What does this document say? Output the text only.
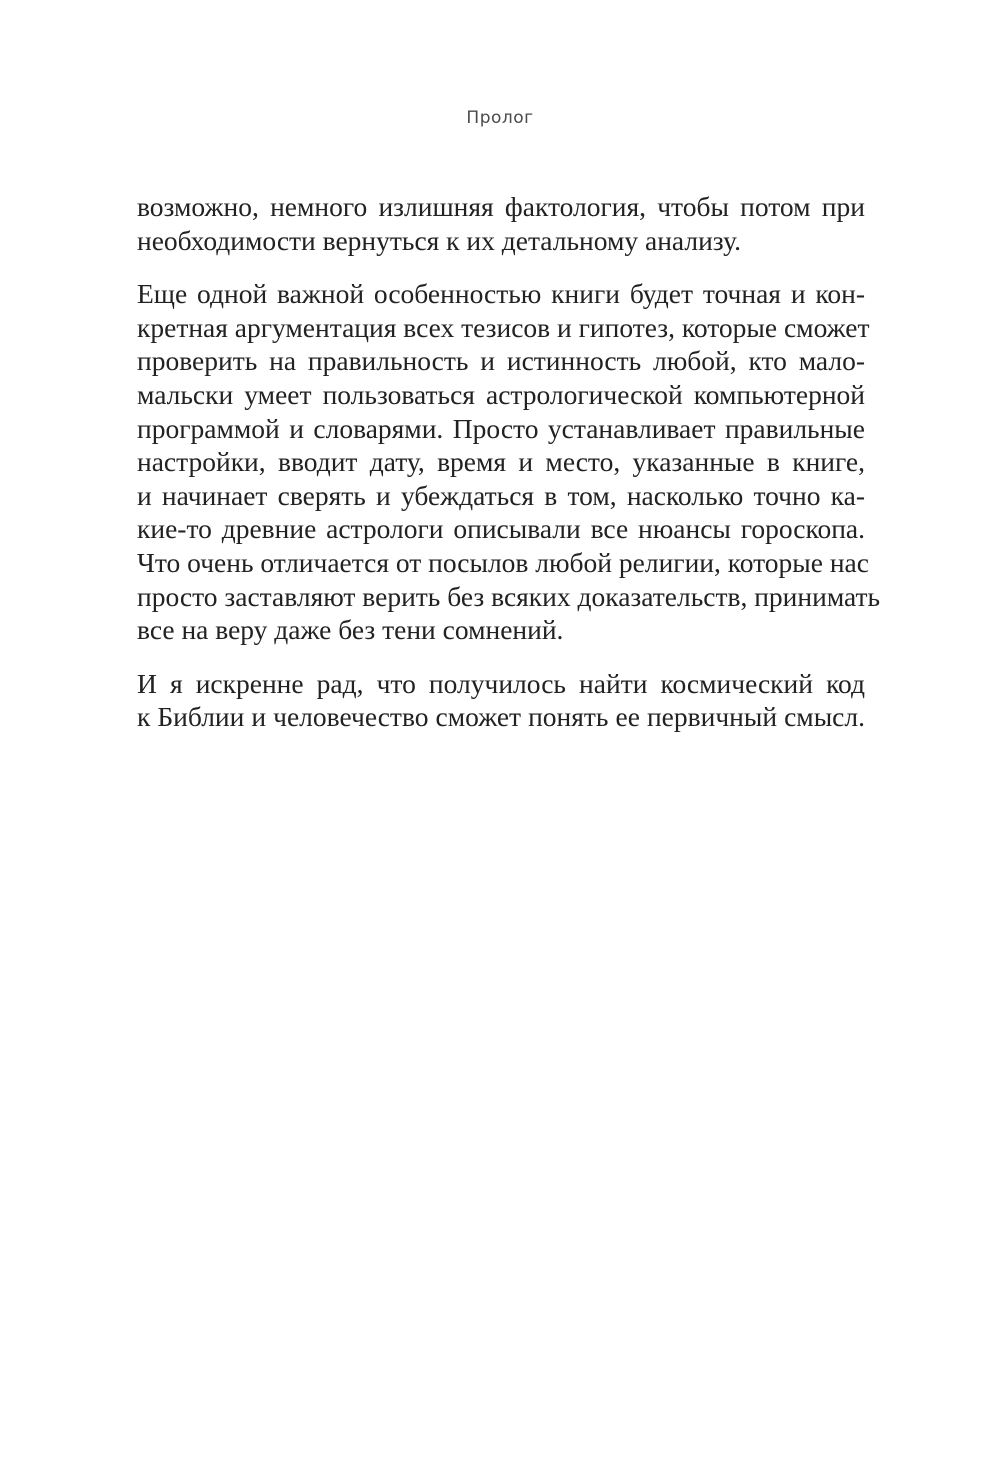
Пролог

возможно, немного излишняя фактология, чтобы потом при
необходимости вернуться к их детальному анализу.

Еще одной важной особенностью книги будет точная и кон-
кретная аргументация всех тезисов и гипотез, которые сможет
проверить на правильность и истинность любой, кто мало-
мальски умеет пользоваться астрологической компьютерной
программой и словарями. Просто устанавливает правильные
настройки, вводит дату, время и место, указанные в книге,
и начинает сверять и убеждаться в том, насколько точно ка-
кие-то древние астрологи описывали все нюансы гороскопа.
Что очень отличается от посылов любой религии, которые нас
просто заставляют верить без всяких доказательств, принимать
все на веру даже без тени сомнений.

И я искренне рад, что получилось найти космический код
к Библии и человечество сможет понять ее первичный смысл.
